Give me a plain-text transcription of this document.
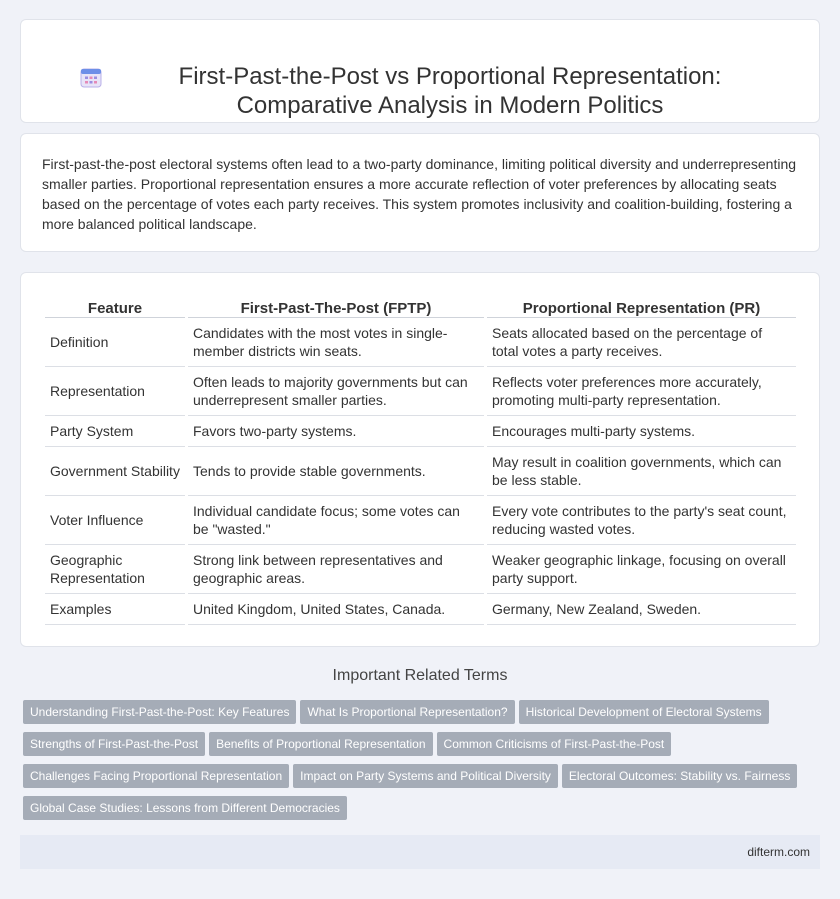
First-Past-the-Post vs Proportional Representation: Comparative Analysis in Modern Politics

First-past-the-post electoral systems often lead to a two-party dominance, limiting political diversity and underrepresenting smaller parties. Proportional representation ensures a more accurate reflection of voter preferences by allocating seats based on the percentage of votes each party receives. This system promotes inclusivity and coalition-building, fostering a more balanced political landscape.

Feature	First-Past-The-Post (FPTP)	Proportional Representation (PR)
Definition	Candidates with the most votes in single-member districts win seats.	Seats allocated based on the percentage of total votes a party receives.
Representation	Often leads to majority governments but can underrepresent smaller parties.	Reflects voter preferences more accurately, promoting multi-party representation.
Party System	Favors two-party systems.	Encourages multi-party systems.
Government Stability	Tends to provide stable governments.	May result in coalition governments, which can be less stable.
Voter Influence	Individual candidate focus; some votes can be "wasted."	Every vote contributes to the party's seat count, reducing wasted votes.
Geographic Representation	Strong link between representatives and geographic areas.	Weaker geographic linkage, focusing on overall party support.
Examples	United Kingdom, United States, Canada.	Germany, New Zealand, Sweden.
Important Related Terms
Understanding First-Past-the-Post: Key Features What Is Proportional Representation? Historical Development of Electoral Systems
Strengths of First-Past-the-Post Benefits of Proportional Representation Common Criticisms of First-Past-the-Post
Challenges Facing Proportional Representation Impact on Party Systems and Political Diversity Electoral Outcomes: Stability vs. Fairness
Global Case Studies: Lessons from Different Democracies
difterm.com
